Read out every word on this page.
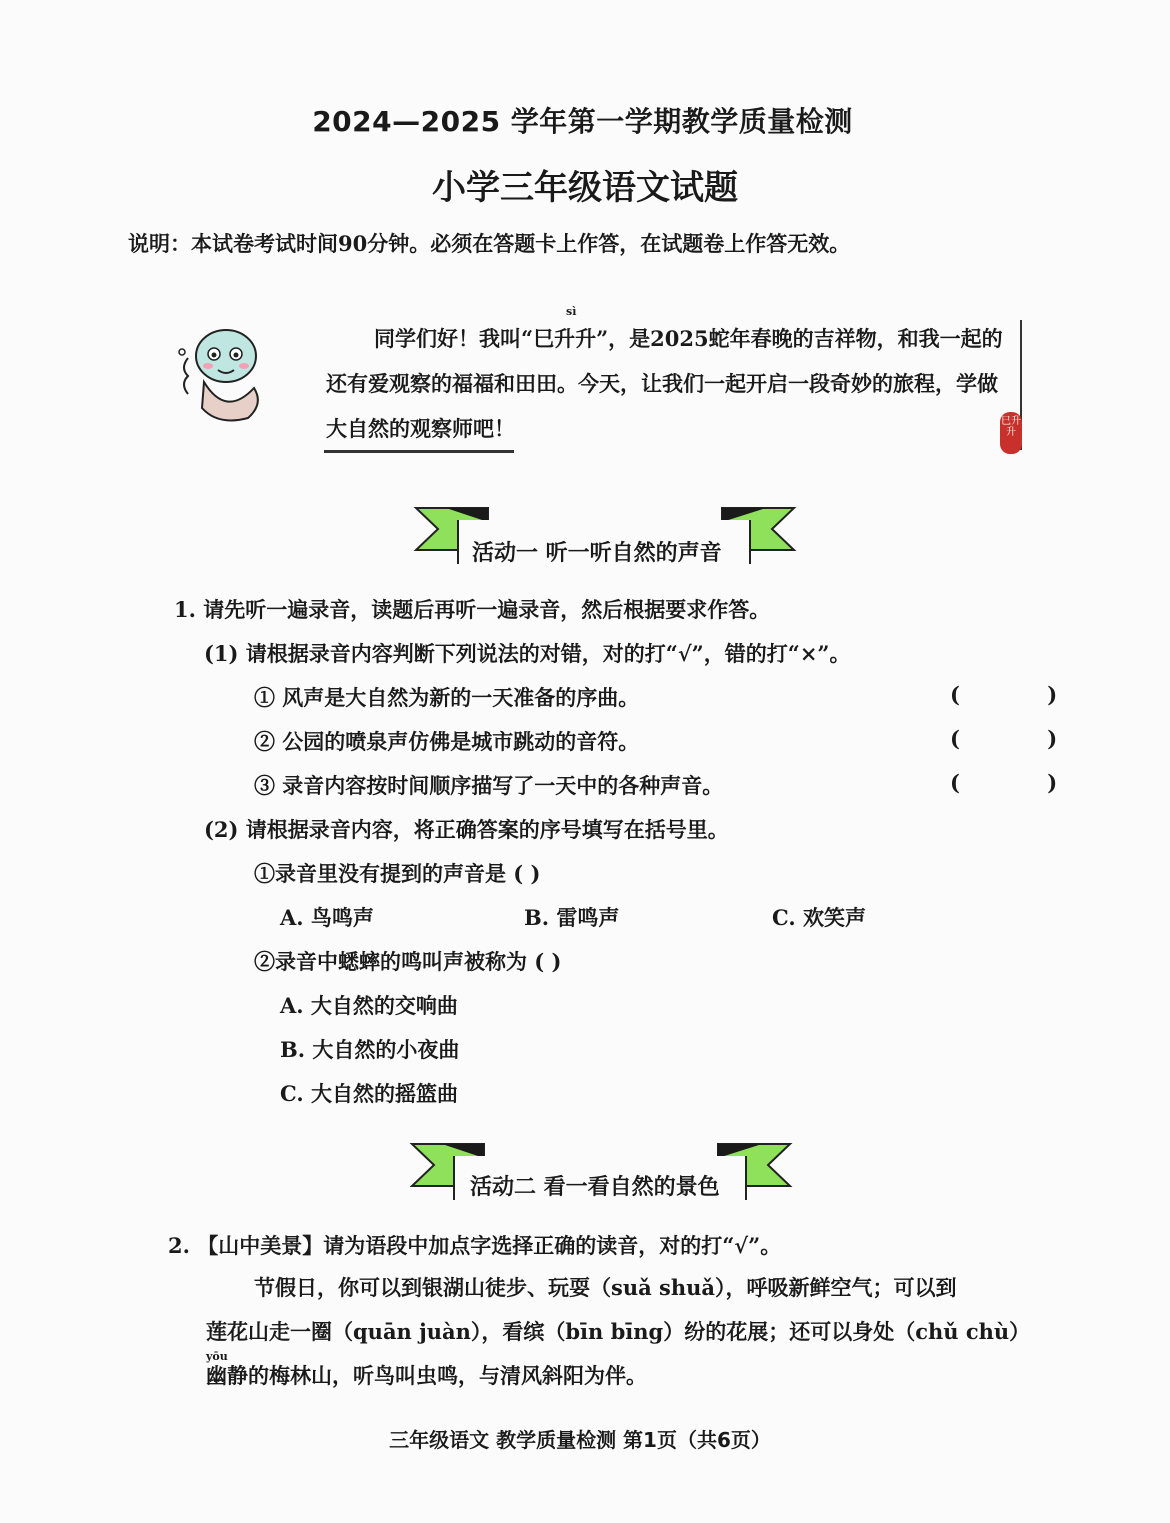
2024—2025 学年第一学期教学质量检测
小学三年级语文试题
说明：本试卷考试时间90分钟。必须在答题卡上作答，在试题卷上作答无效。
同学们好！我叫“巳升升”，是2025蛇年春晚的吉祥物，和我一起的还有爱观察的福福和田田。今天，让我们一起开启一段奇妙的旅程，学做大自然的观察师吧！
sì
巳升升
活动一 听一听自然的声音
1. 请先听一遍录音，读题后再听一遍录音，然后根据要求作答。
(1) 请根据录音内容判断下列说法的对错，对的打“√”，错的打“×”。
① 风声是大自然为新的一天准备的序曲。	( )
② 公园的喷泉声仿佛是城市跳动的音符。	( )
③ 录音内容按时间顺序描写了一天中的各种声音。	( )
(2) 请根据录音内容，将正确答案的序号填写在括号里。
①录音里没有提到的声音是 ( )
A. 鸟鸣声	B. 雷鸣声	C. 欢笑声
②录音中蟋蟀的鸣叫声被称为 ( )
A. 大自然的交响曲
B. 大自然的小夜曲
C. 大自然的摇篮曲
活动二 看一看自然的景色
2. 【山中美景】请为语段中加点字选择正确的读音，对的打“√”。
节假日，你可以到银湖山徒步、玩耍（suǎ shuǎ），呼吸新鲜空气；可以到
莲花山走一圈（quān juàn），看缤（bīn bīng）纷的花展；还可以身处（chǔ chù）
yōu
幽静的梅林山，听鸟叫虫鸣，与清风斜阳为伴。
三年级语文 教学质量检测 第1页（共6页）
